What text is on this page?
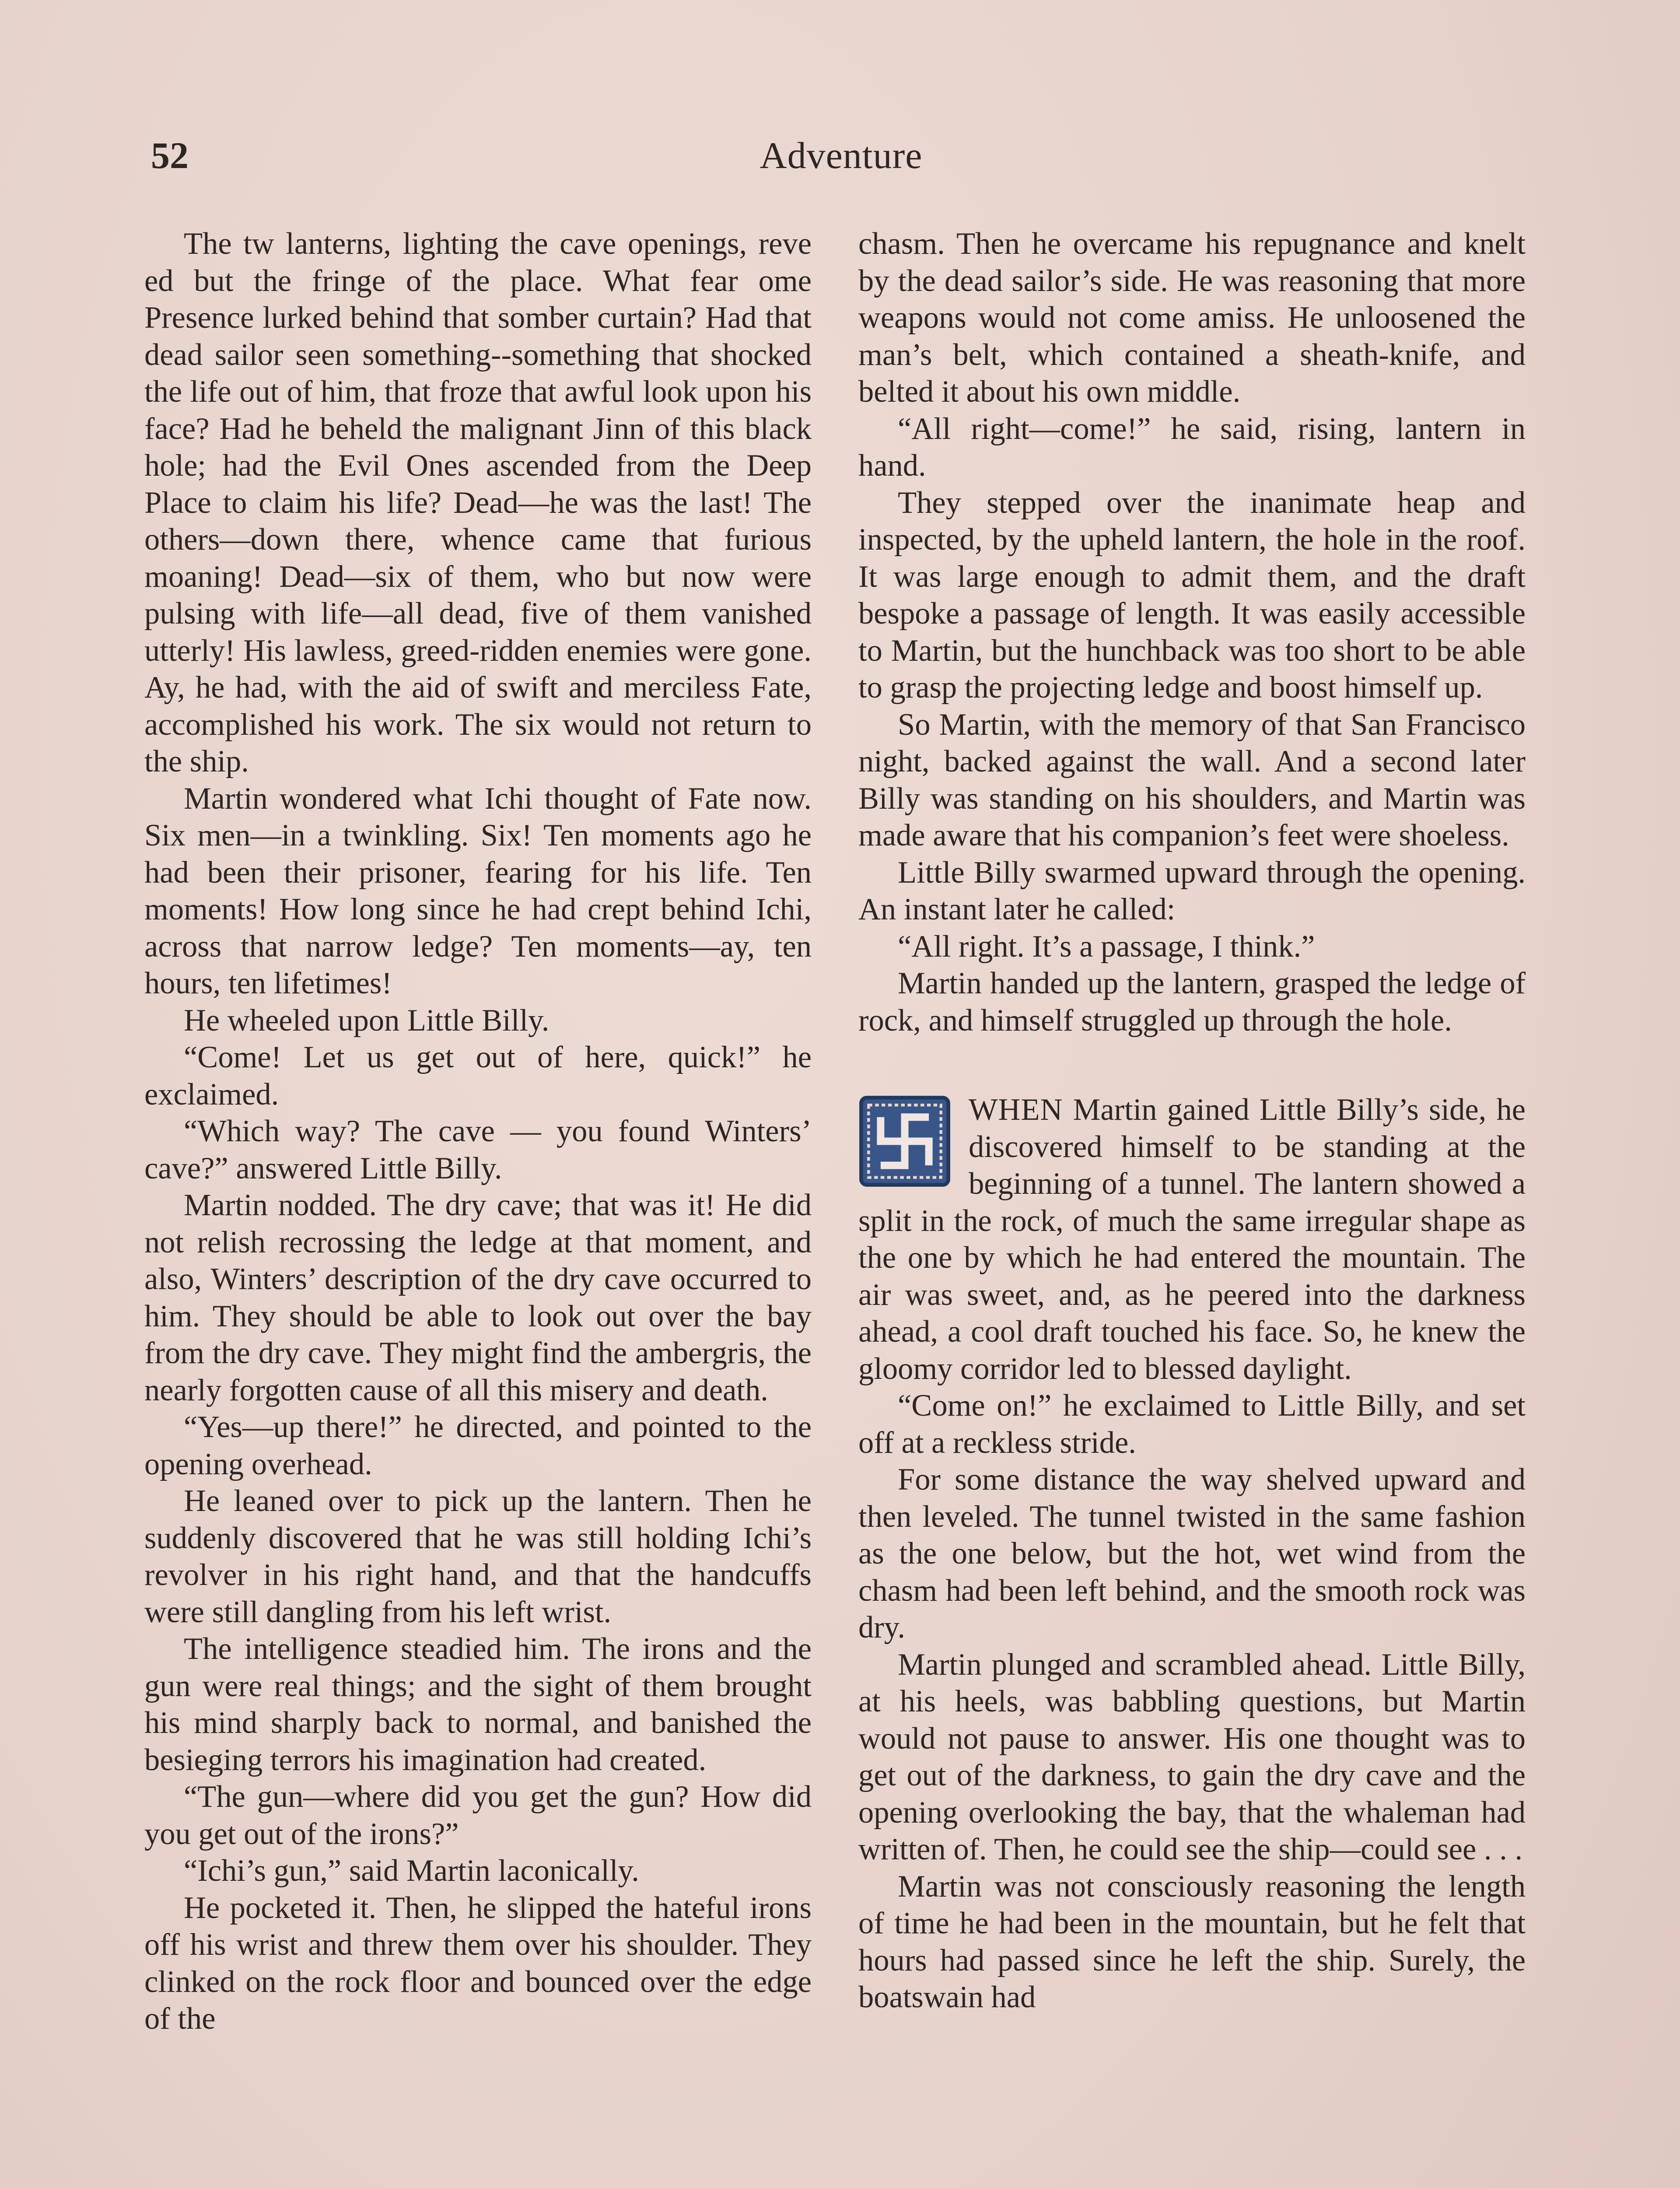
52	Adventure

The tw lanterns, lighting the cave openings, reve ed but the fringe of the place. What fear ome Presence lurked behind that somber curtain? Had that dead sailor seen something--something that shocked the life out of him, that froze that awful look upon his face? Had he beheld the malignant Jinn of this black hole; had the Evil Ones ascended from the Deep Place to claim his life? Dead—he was the last! The others—down there, whence came that furious moaning! Dead—six of them, who but now were pulsing with life—all dead, five of them vanished utterly! His lawless, greed-ridden enemies were gone. Ay, he had, with the aid of swift and merciless Fate, accomplished his work. The six would not return to the ship.

Martin wondered what Ichi thought of Fate now. Six men—in a twinkling. Six! Ten moments ago he had been their prisoner, fearing for his life. Ten moments! How long since he had crept behind Ichi, across that narrow ledge? Ten moments—ay, ten hours, ten lifetimes!

He wheeled upon Little Billy.

“Come! Let us get out of here, quick!” he exclaimed.

“Which way? The cave — you found Winters’ cave?” answered Little Billy.

Martin nodded. The dry cave; that was it! He did not relish recrossing the ledge at that moment, and also, Winters’ description of the dry cave occurred to him. They should be able to look out over the bay from the dry cave. They might find the ambergris, the nearly forgotten cause of all this misery and death.

“Yes—up there!” he directed, and pointed to the opening overhead.

He leaned over to pick up the lantern. Then he suddenly discovered that he was still holding Ichi’s revolver in his right hand, and that the handcuffs were still dangling from his left wrist.

The intelligence steadied him. The irons and the gun were real things; and the sight of them brought his mind sharply back to normal, and banished the besieging terrors his imagination had created.

“The gun—where did you get the gun? How did you get out of the irons?”

“Ichi’s gun,” said Martin laconically.

He pocketed it. Then, he slipped the hateful irons off his wrist and threw them over his shoulder. They clinked on the rock floor and bounced over the edge of the

chasm. Then he overcame his repugnance and knelt by the dead sailor’s side. He was reasoning that more weapons would not come amiss. He unloosened the man’s belt, which contained a sheath-knife, and belted it about his own middle.

“All right—come!” he said, rising, lantern in hand.

They stepped over the inanimate heap and inspected, by the upheld lantern, the hole in the roof. It was large enough to admit them, and the draft bespoke a passage of length. It was easily accessible to Martin, but the hunchback was too short to be able to grasp the projecting ledge and boost himself up.

So Martin, with the memory of that San Francisco night, backed against the wall. And a second later Billy was standing on his shoulders, and Martin was made aware that his companion’s feet were shoeless.

Little Billy swarmed upward through the opening. An instant later he called:

“All right. It’s a passage, I think.”

Martin handed up the lantern, grasped the ledge of rock, and himself struggled up through the hole.

WHEN Martin gained Little Billy’s side, he discovered himself to be standing at the beginning of a tunnel. The lantern showed a split in the rock, of much the same irregular shape as the one by which he had entered the mountain. The air was sweet, and, as he peered into the darkness ahead, a cool draft touched his face. So, he knew the gloomy corridor led to blessed daylight.

“Come on!” he exclaimed to Little Billy, and set off at a reckless stride.

For some distance the way shelved upward and then leveled. The tunnel twisted in the same fashion as the one below, but the hot, wet wind from the chasm had been left behind, and the smooth rock was dry.

Martin plunged and scrambled ahead. Little Billy, at his heels, was babbling questions, but Martin would not pause to answer. His one thought was to get out of the darkness, to gain the dry cave and the opening overlooking the bay, that the whaleman had written of. Then, he could see the ship—could see . . .

Martin was not consciously reasoning the length of time he had been in the mountain, but he felt that hours had passed since he left the ship. Surely, the boatswain had
